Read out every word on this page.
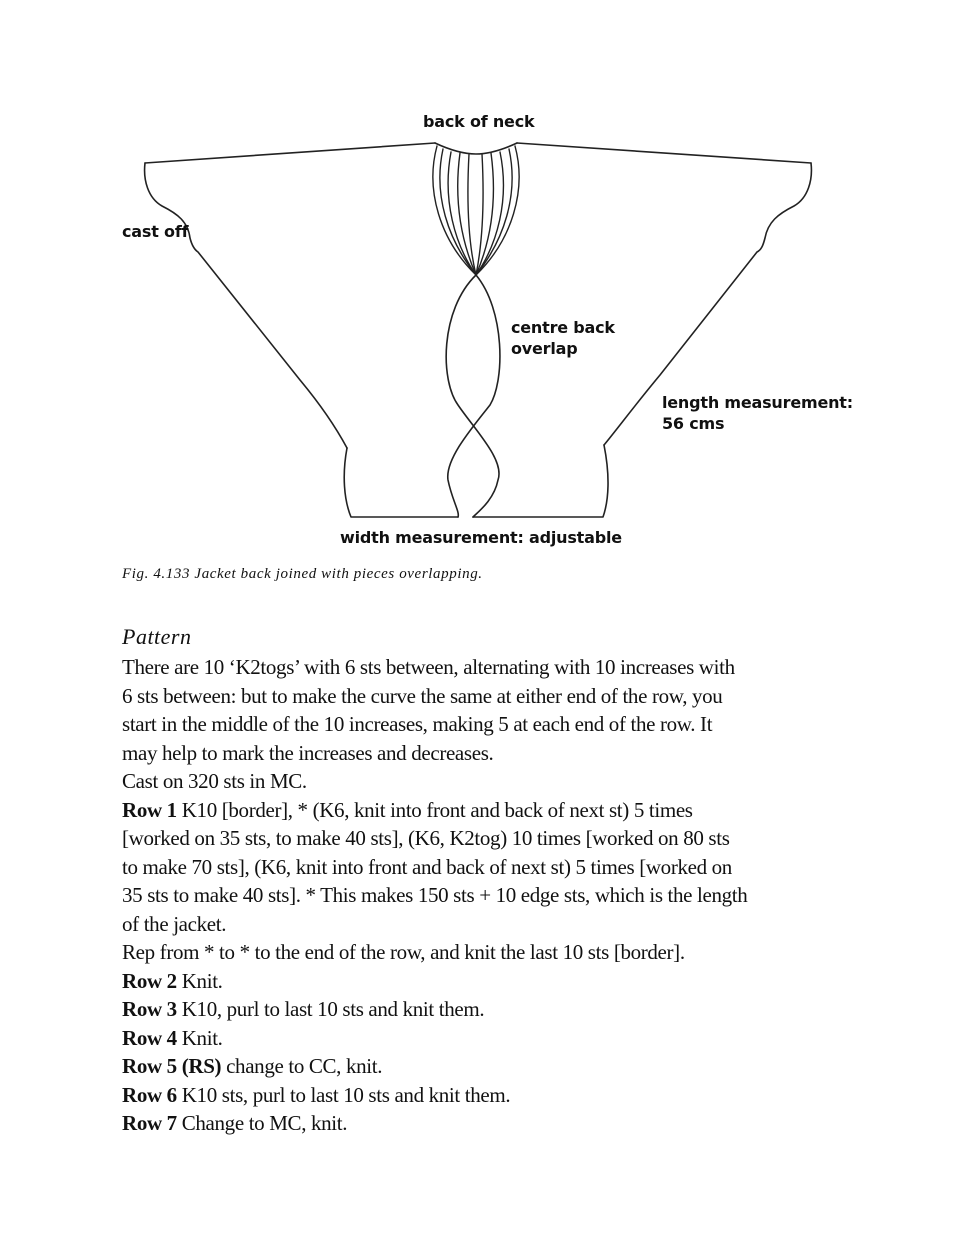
back of neck
cast off
centre back
overlap
length measurement:
56 cms
width measurement: adjustable
Fig. 4.133 Jacket back joined with pieces overlapping.
Pattern
There are 10 ‘K2togs’ with 6 sts between, alternating with 10 increases with
6 sts between: but to make the curve the same at either end of the row, you
start in the middle of the 10 increases, making 5 at each end of the row. It
may help to mark the increases and decreases.
Cast on 320 sts in MC.
Row 1 K10 [border], * (K6, knit into front and back of next st) 5 times
[worked on 35 sts, to make 40 sts], (K6, K2tog) 10 times [worked on 80 sts
to make 70 sts], (K6, knit into front and back of next st) 5 times [worked on
35 sts to make 40 sts]. * This makes 150 sts + 10 edge sts, which is the length
of the jacket.
Rep from * to * to the end of the row, and knit the last 10 sts [border].
Row 2 Knit.
Row 3 K10, purl to last 10 sts and knit them.
Row 4 Knit.
Row 5 (RS) change to CC, knit.
Row 6 K10 sts, purl to last 10 sts and knit them.
Row 7 Change to MC, knit.
